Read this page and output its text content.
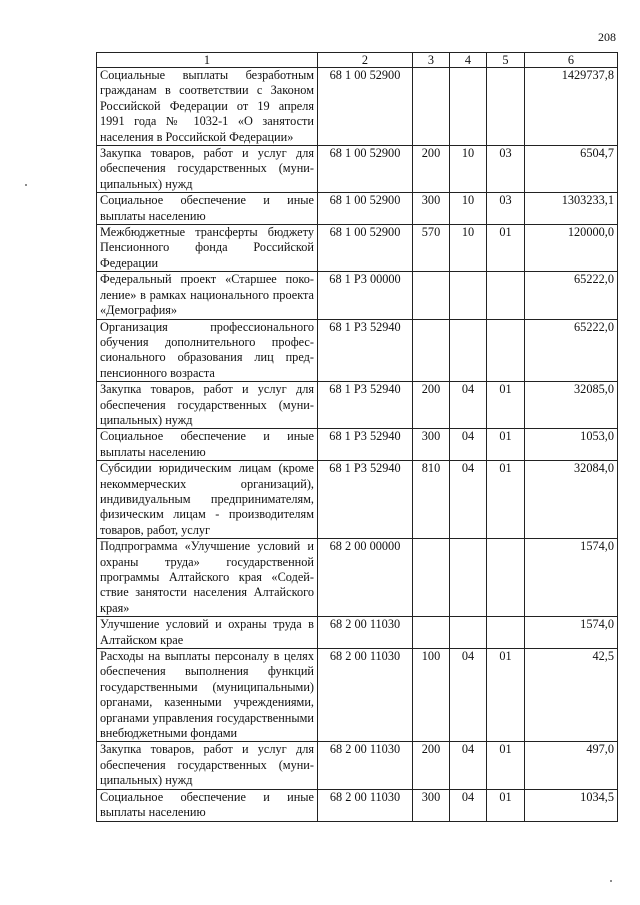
208
1	2	3	4	5	6
Социальные выплаты безработным гражданам в соответствии с Законом Российской Федерации от 19 апреля 1991 года № 1032-1 «О занятости населения в Российской Федерации»	68 1 00 52900				1429737,8
Закупка товаров, работ и услуг для обеспечения государственных (муниципальных) нужд	68 1 00 52900	200	10	03	6504,7
Социальное обеспечение и иные выплаты населению	68 1 00 52900	300	10	03	1303233,1
Межбюджетные трансферты бюджету Пенсионного фонда Российской Федерации	68 1 00 52900	570	10	01	120000,0
Федеральный проект «Старшее поколение» в рамках национального проекта «Демография»	68 1 P3 00000				65222,0
Организация профессионального обучения дополнительного профессионального образования лиц предпенсионного возраста	68 1 P3 52940				65222,0
Закупка товаров, работ и услуг для обеспечения государственных (муниципальных) нужд	68 1 P3 52940	200	04	01	32085,0
Социальное обеспечение и иные выплаты населению	68 1 P3 52940	300	04	01	1053,0
Субсидии юридическим лицам (кроме некоммерческих организаций), индивидуальным предпринимателям, физическим лицам - производителям товаров, работ, услуг	68 1 P3 52940	810	04	01	32084,0
Подпрограмма «Улучшение условий и охраны труда» государственной программы Алтайского края «Содействие занятости населения Алтайского края»	68 2 00 00000				1574,0
Улучшение условий и охраны труда в Алтайском крае	68 2 00 11030				1574,0
Расходы на выплаты персоналу в целях обеспечения выполнения функций государственными (муниципальными) органами, казенными учреждениями, органами управления государственными внебюджетными фондами	68 2 00 11030	100	04	01	42,5
Закупка товаров, работ и услуг для обеспечения государственных (муниципальных) нужд	68 2 00 11030	200	04	01	497,0
Социальное обеспечение и иные выплаты населению	68 2 00 11030	300	04	01	1034,5
